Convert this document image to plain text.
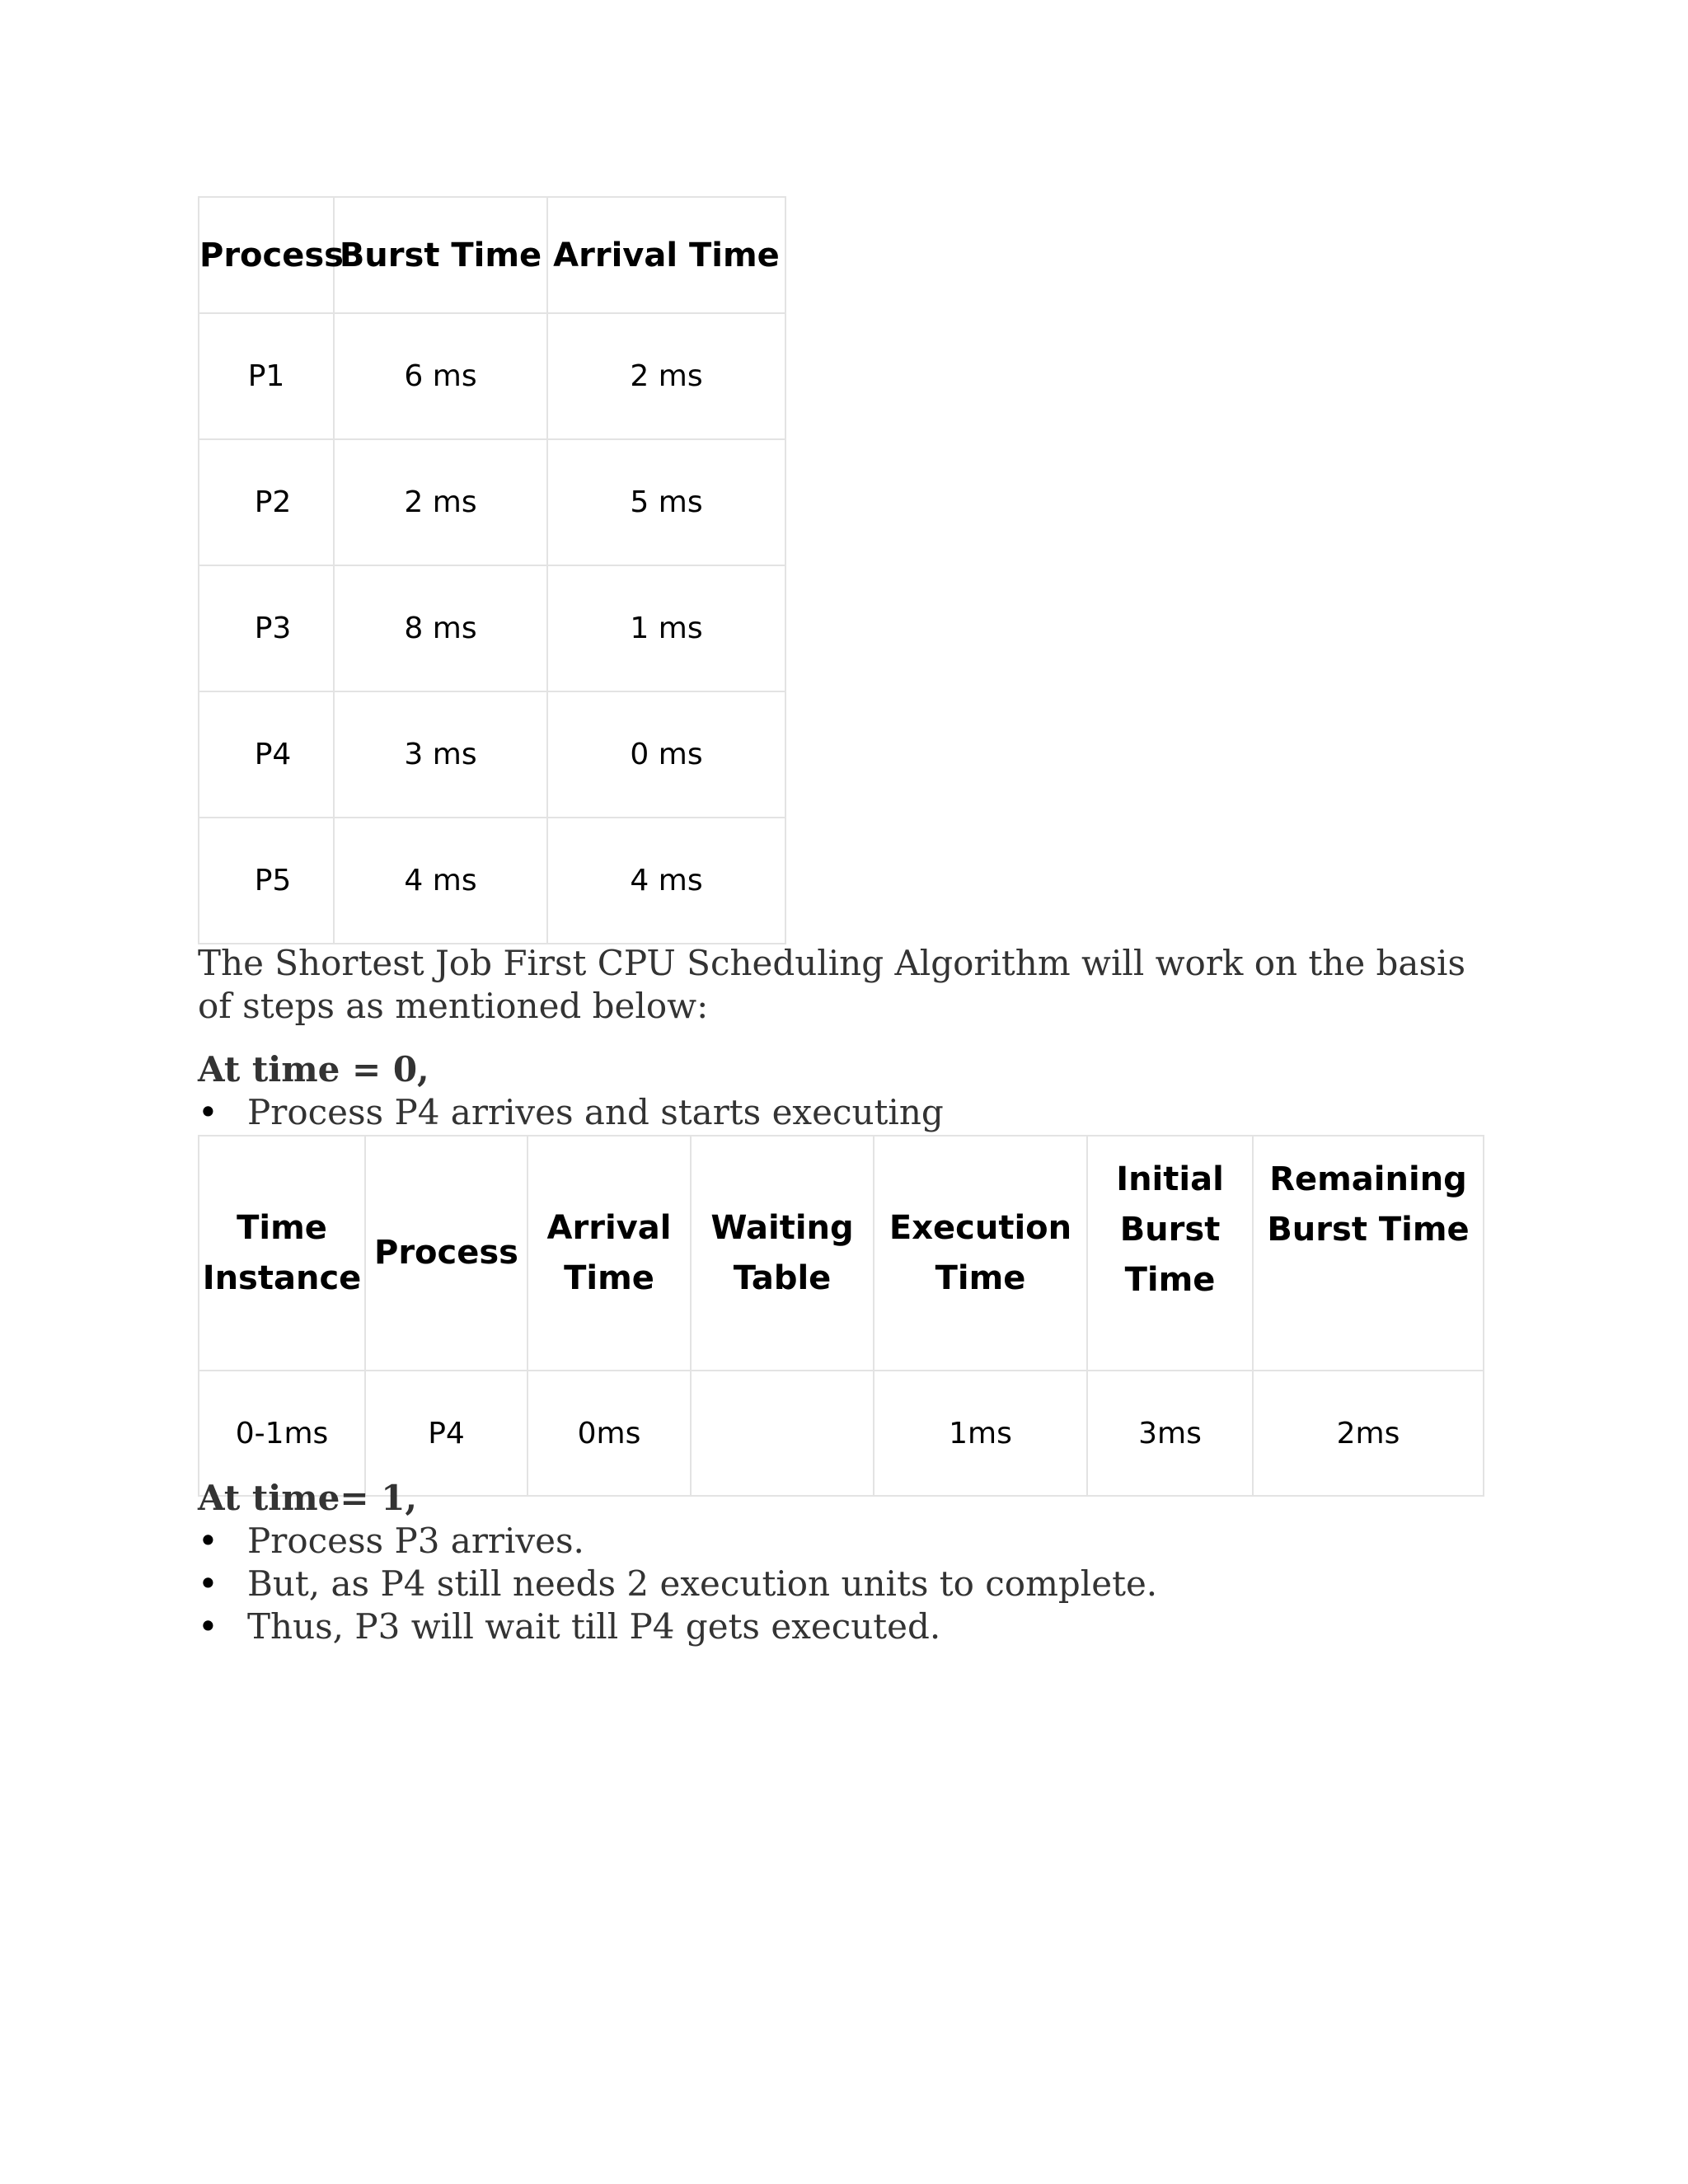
Process	Burst Time	Arrival Time
P1	6 ms	2 ms
P2	2 ms	5 ms
P3	8 ms	1 ms
P4	3 ms	0 ms
P5	4 ms	4 ms
The Shortest Job First CPU Scheduling Algorithm will work on the basis of steps as mentioned below:
At time = 0,
• Process P4 arrives and starts executing
Time Instance	Process	Arrival Time	Waiting Table	Execution Time	Initial Burst Time	Remaining Burst Time
0-1ms	P4	0ms		1ms	3ms	2ms
At time= 1,
• Process P3 arrives.
• But, as P4 still needs 2 execution units to complete.
• Thus, P3 will wait till P4 gets executed.
